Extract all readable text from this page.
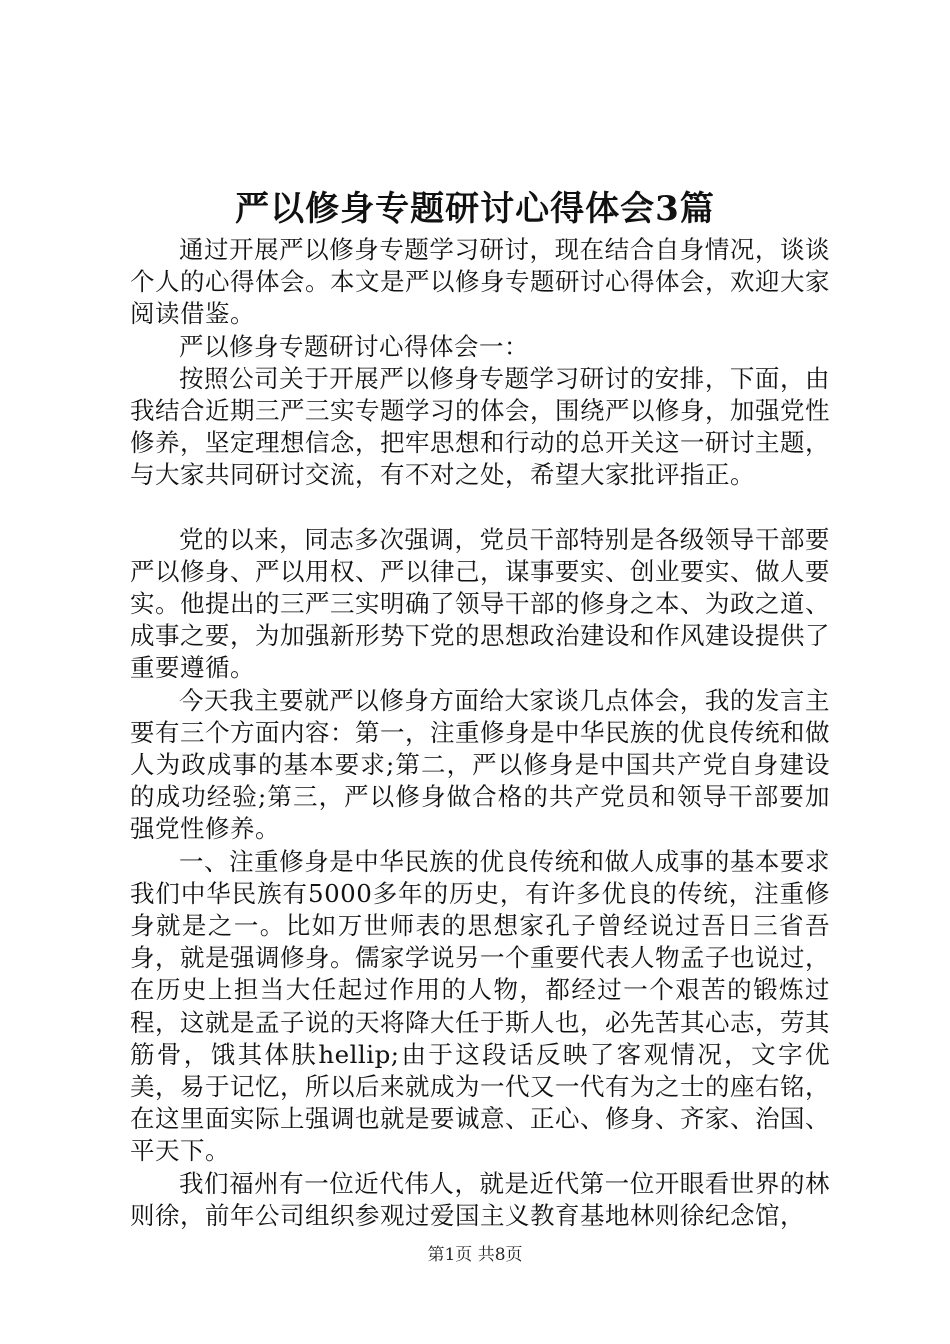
严以修身专题研讨心得体会3篇

通过开展严以修身专题学习研讨，现在结合自身情况，谈谈个人的心得体会。本文是严以修身专题研讨心得体会，欢迎大家阅读借鉴。

严以修身专题研讨心得体会一：

按照公司关于开展严以修身专题学习研讨的安排，下面，由我结合近期三严三实专题学习的体会，围绕严以修身，加强党性修养，坚定理想信念，把牢思想和行动的总开关这一研讨主题，与大家共同研讨交流，有不对之处，希望大家批评指正。

党的以来，同志多次强调，党员干部特别是各级领导干部要严以修身、严以用权、严以律己，谋事要实、创业要实、做人要实。他提出的三严三实明确了领导干部的修身之本、为政之道、成事之要，为加强新形势下党的思想政治建设和作风建设提供了重要遵循。

今天我主要就严以修身方面给大家谈几点体会，我的发言主要有三个方面内容：第一，注重修身是中华民族的优良传统和做人为政成事的基本要求;第二，严以修身是中国共产党自身建设的成功经验;第三，严以修身做合格的共产党员和领导干部要加强党性修养。

一、注重修身是中华民族的优良传统和做人成事的基本要求我们中华民族有5000多年的历史，有许多优良的传统，注重修身就是之一。比如万世师表的思想家孔子曾经说过吾日三省吾身，就是强调修身。儒家学说另一个重要代表人物孟子也说过，在历史上担当大任起过作用的人物，都经过一个艰苦的锻炼过程，这就是孟子说的天将降大任于斯人也，必先苦其心志，劳其筋骨，饿其体肤hellip;由于这段话反映了客观情况，文字优美，易于记忆，所以后来就成为一代又一代有为之士的座右铭，在这里面实际上强调也就是要诚意、正心、修身、齐家、治国、平天下。

我们福州有一位近代伟人，就是近代第一位开眼看世界的林则徐，前年公司组织参观过爱国主义教育基地林则徐纪念馆，

第1页 共8页
